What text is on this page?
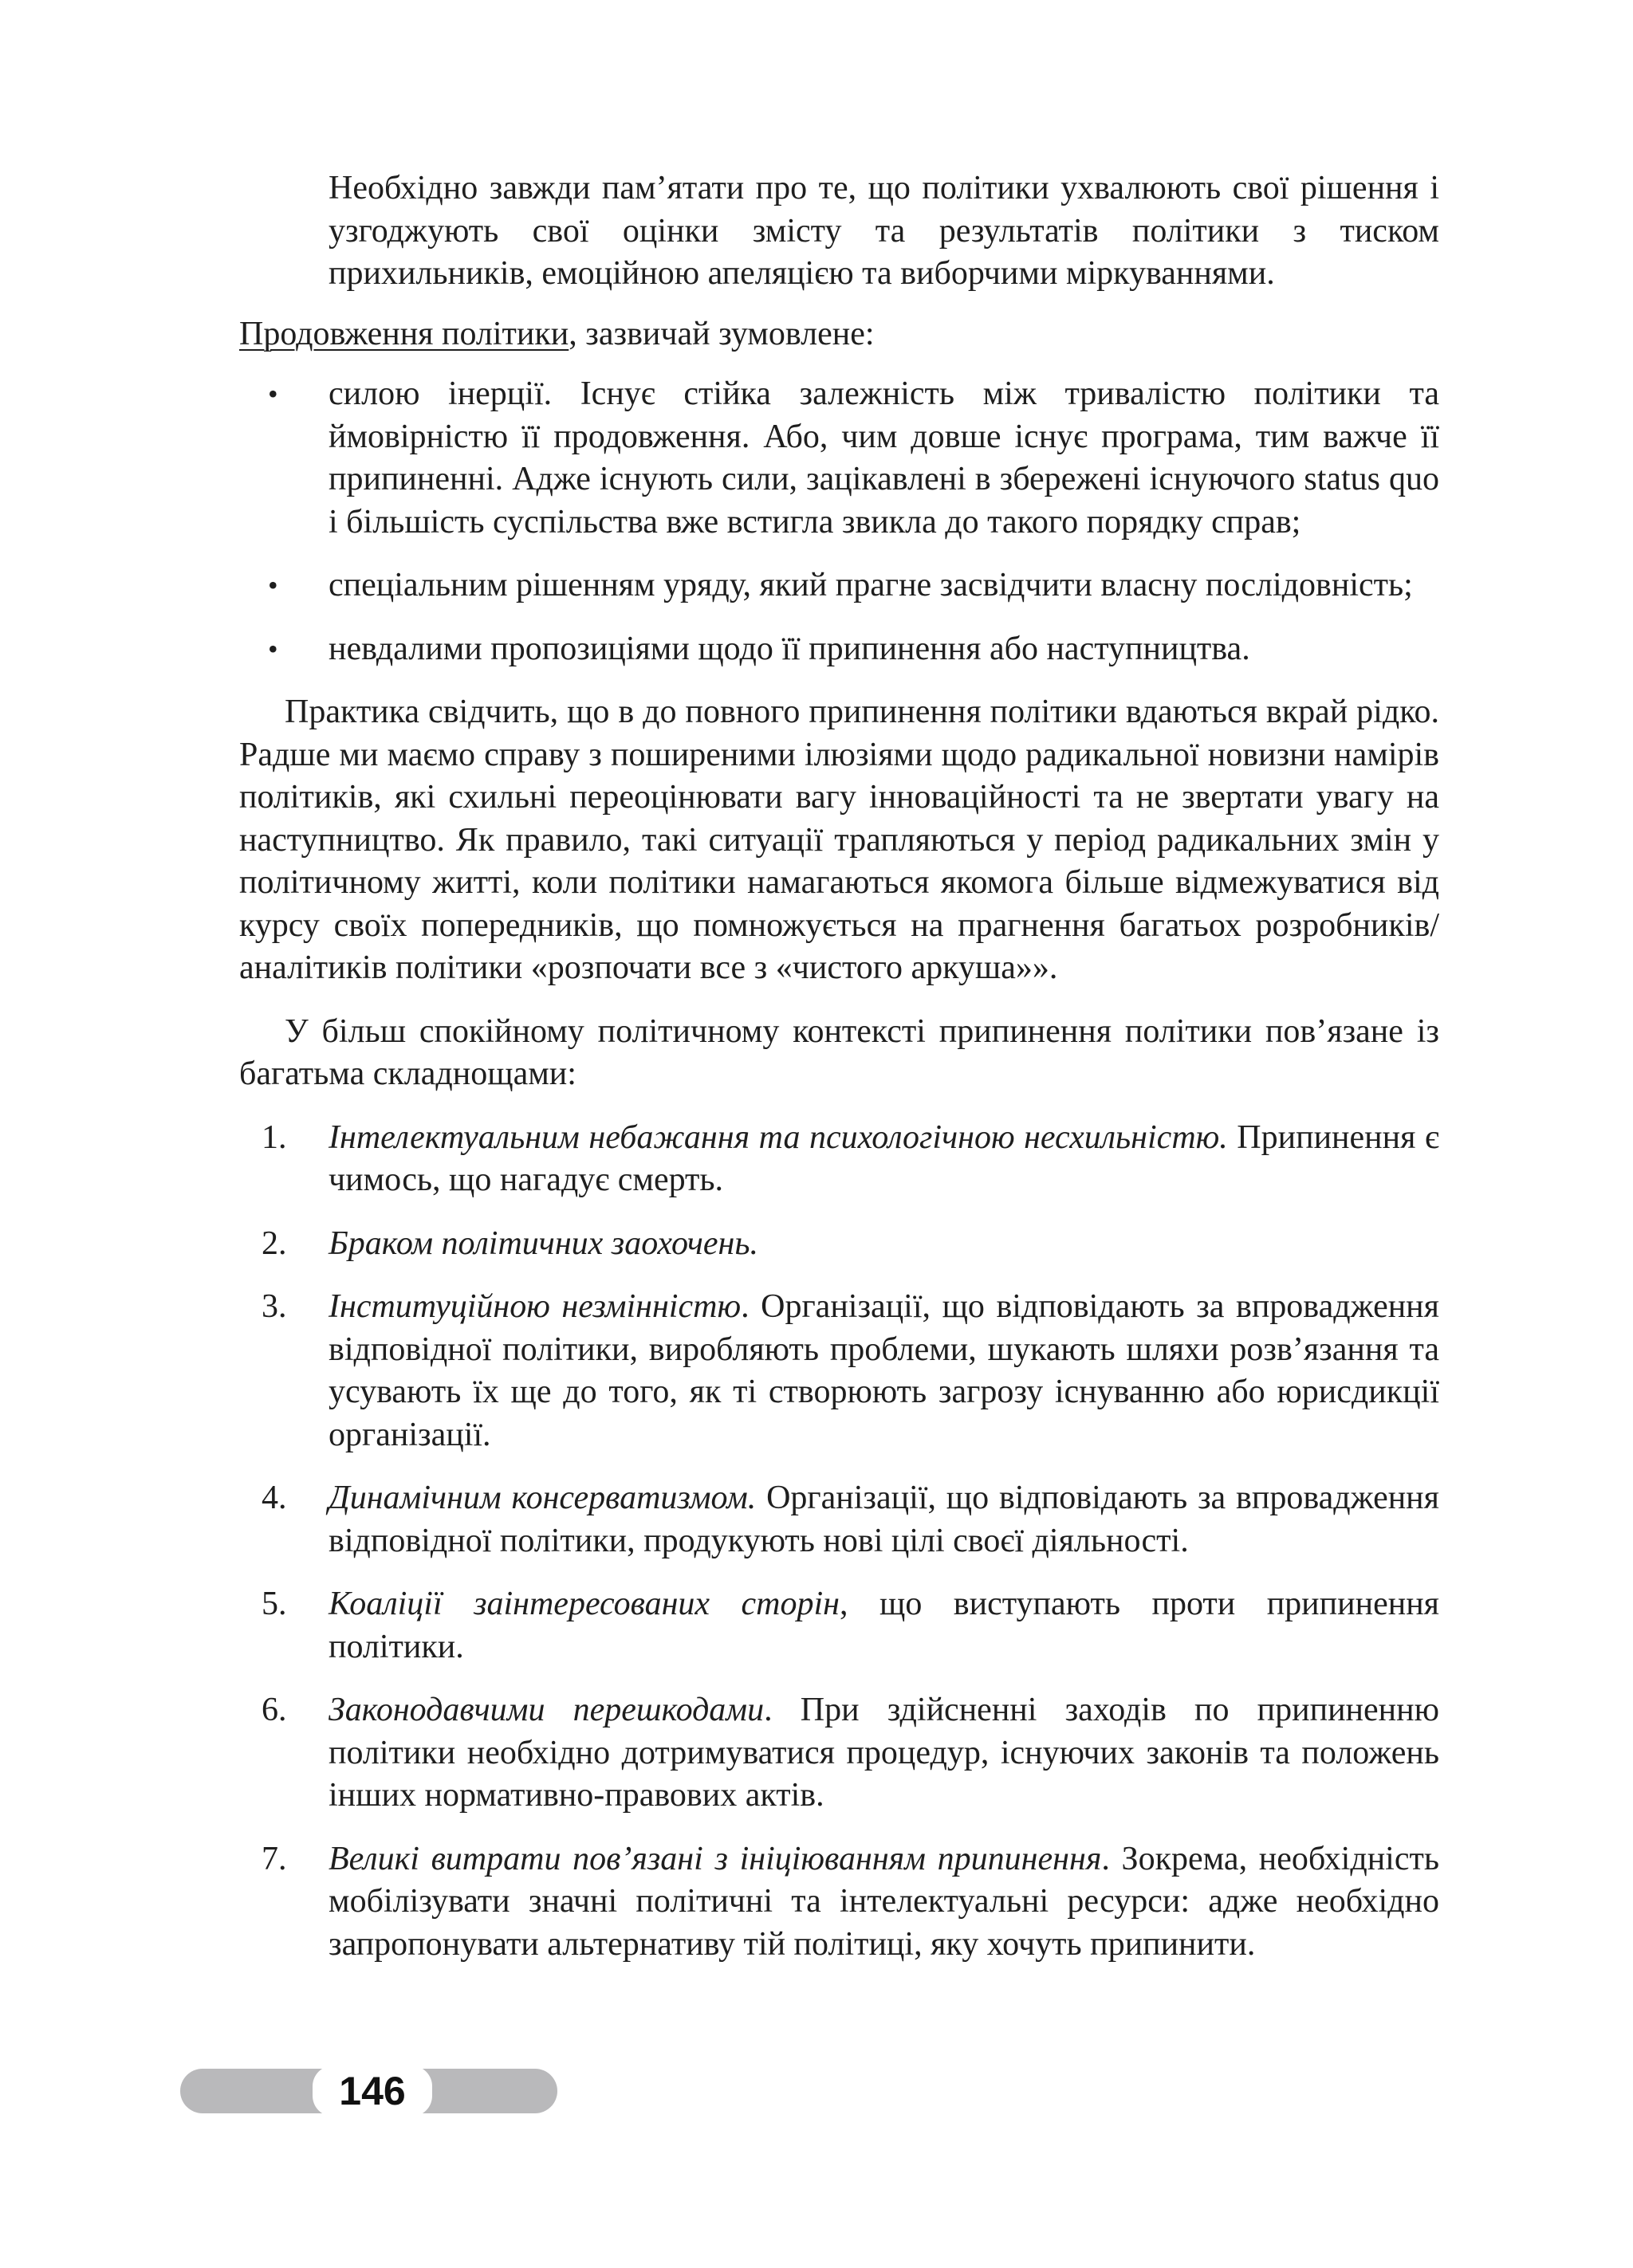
Необхідно завжди пам’ятати про те, що політики ухвалюють свої рішення і узгоджують свої оцінки змісту та результатів політики з тиском прихильників, емоційною апеляцією та виборчими міркуваннями.

Продовження політики, зазвичай зумовлене:

• силою інерції. Існує стійка залежність між тривалістю політики та ймовірністю її продовження. Або, чим довше існує програма, тим важче її припиненні. Адже існують сили, зацікавлені в збережені існуючого status quo і більшість суспільства вже встигла звикла до такого порядку справ;
• спеціальним рішенням уряду, який прагне засвідчити власну послідовність;
• невдалими пропозиціями щодо її припинення або наступництва.

Практика свідчить, що в до повного припинення політики вдаються вкрай рідко. Радше ми маємо справу з поширеними ілюзіями щодо радикальної новизни намірів політиків, які схильні переоцінювати вагу інноваційності та не звертати увагу на наступництво. Як правило, такі ситуації трапляються у період радикальних змін у політичному житті, коли політики намагаються якомога більше відмежуватися від курсу своїх попередників, що помножується на прагнення багатьох розробників/аналітиків політики «розпочати все з «чистого аркуша»».

У більш спокійному політичному контексті припинення політики пов’язане із багатьма складнощами:

1.	Інтелектуальним небажання та психологічною несхильністю. Припинення є чимось, що нагадує смерть.
2.	Браком політичних заохочень.
3.	Інституційною незмінністю. Організації, що відповідають за впровадження відповідної політики, виробляють проблеми, шукають шляхи розв’язання та усувають їх ще до того, як ті створюють загрозу існуванню або юрисдикції організації.
4.	Динамічним консерватизмом. Організації, що відповідають за впровадження відповідної політики, продукують нові цілі своєї діяльності.
5.	Коаліції заінтересованих сторін, що виступають проти припинення політики.
6.	Законодавчими перешкодами. При здійсненні заходів по припиненню політики необхідно дотримуватися процедур, існуючих законів та положень інших нормативно-правових актів.
7.	Великі витрати пов’язані з ініціюванням припинення. Зокрема, необхідність мобілізувати значні політичні та інтелектуальні ресурси: адже необхідно запропонувати альтернативу тій політиці, яку хочуть припинити.
146
